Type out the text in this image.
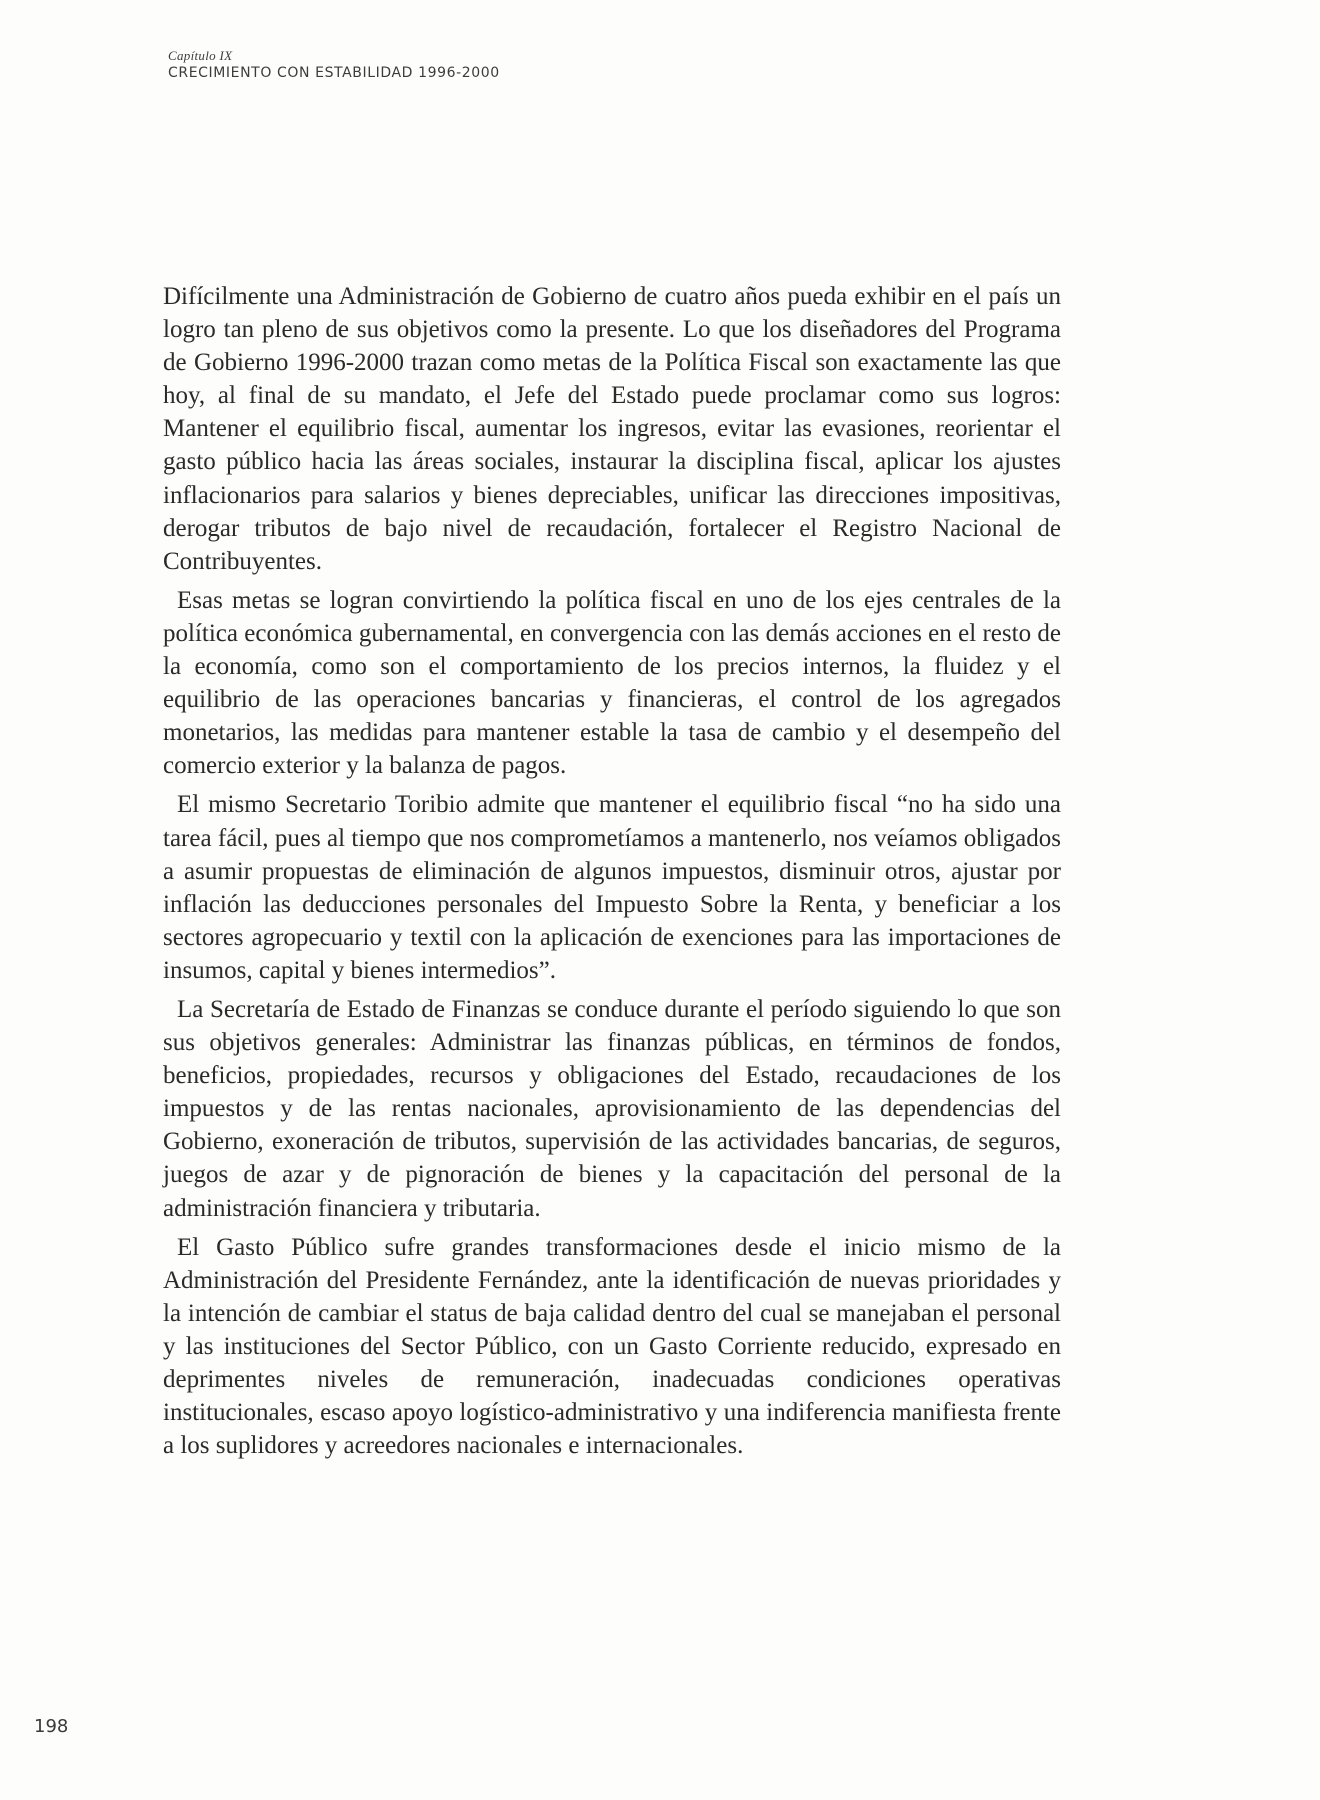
Capítulo IX
CRECIMIENTO CON ESTABILIDAD 1996-2000

Difícilmente una Administración de Gobierno de cuatro años pueda exhibir en el país un logro tan pleno de sus objetivos como la presente. Lo que los diseñadores del Programa de Gobierno 1996-2000 trazan como metas de la Política Fiscal son exactamente las que hoy, al final de su mandato, el Jefe del Estado puede proclamar como sus logros: Mantener el equilibrio fiscal, aumentar los ingresos, evitar las evasiones, reorientar el gasto público hacia las áreas sociales, instaurar la disciplina fiscal, aplicar los ajustes inflacionarios para salarios y bienes depreciables, unificar las direcciones impositivas, derogar tributos de bajo nivel de recaudación, fortalecer el Registro Nacional de Contribuyentes.

Esas metas se logran convirtiendo la política fiscal en uno de los ejes centrales de la política económica gubernamental, en convergencia con las demás acciones en el resto de la economía, como son el comportamiento de los precios internos, la fluidez y el equilibrio de las operaciones bancarias y financieras, el control de los agregados monetarios, las medidas para mantener estable la tasa de cambio y el desempeño del comercio exterior y la balanza de pagos.

El mismo Secretario Toribio admite que mantener el equilibrio fiscal “no ha sido una tarea fácil, pues al tiempo que nos comprometíamos a mantenerlo, nos veíamos obligados a asumir propuestas de eliminación de algunos impuestos, disminuir otros, ajustar por inflación las deducciones personales del Impuesto Sobre la Renta, y beneficiar a los sectores agropecuario y textil con la aplicación de exenciones para las importaciones de insumos, capital y bienes intermedios”.

La Secretaría de Estado de Finanzas se conduce durante el período siguiendo lo que son sus objetivos generales: Administrar las finanzas públicas, en términos de fondos, beneficios, propiedades, recursos y obligaciones del Estado, recaudaciones de los impuestos y de las rentas nacionales, aprovisionamiento de las dependencias del Gobierno, exoneración de tributos, supervisión de las actividades bancarias, de seguros, juegos de azar y de pignoración de bienes y la capacitación del personal de la administración financiera y tributaria.

El Gasto Público sufre grandes transformaciones desde el inicio mismo de la Administración del Presidente Fernández, ante la identificación de nuevas prioridades y la intención de cambiar el status de baja calidad dentro del cual se manejaban el personal y las instituciones del Sector Público, con un Gasto Corriente reducido, expresado en deprimentes niveles de remuneración, inadecuadas condiciones operativas institucionales, escaso apoyo logístico-administrativo y una indiferencia manifiesta frente a los suplidores y acreedores nacionales e internacionales.

198
